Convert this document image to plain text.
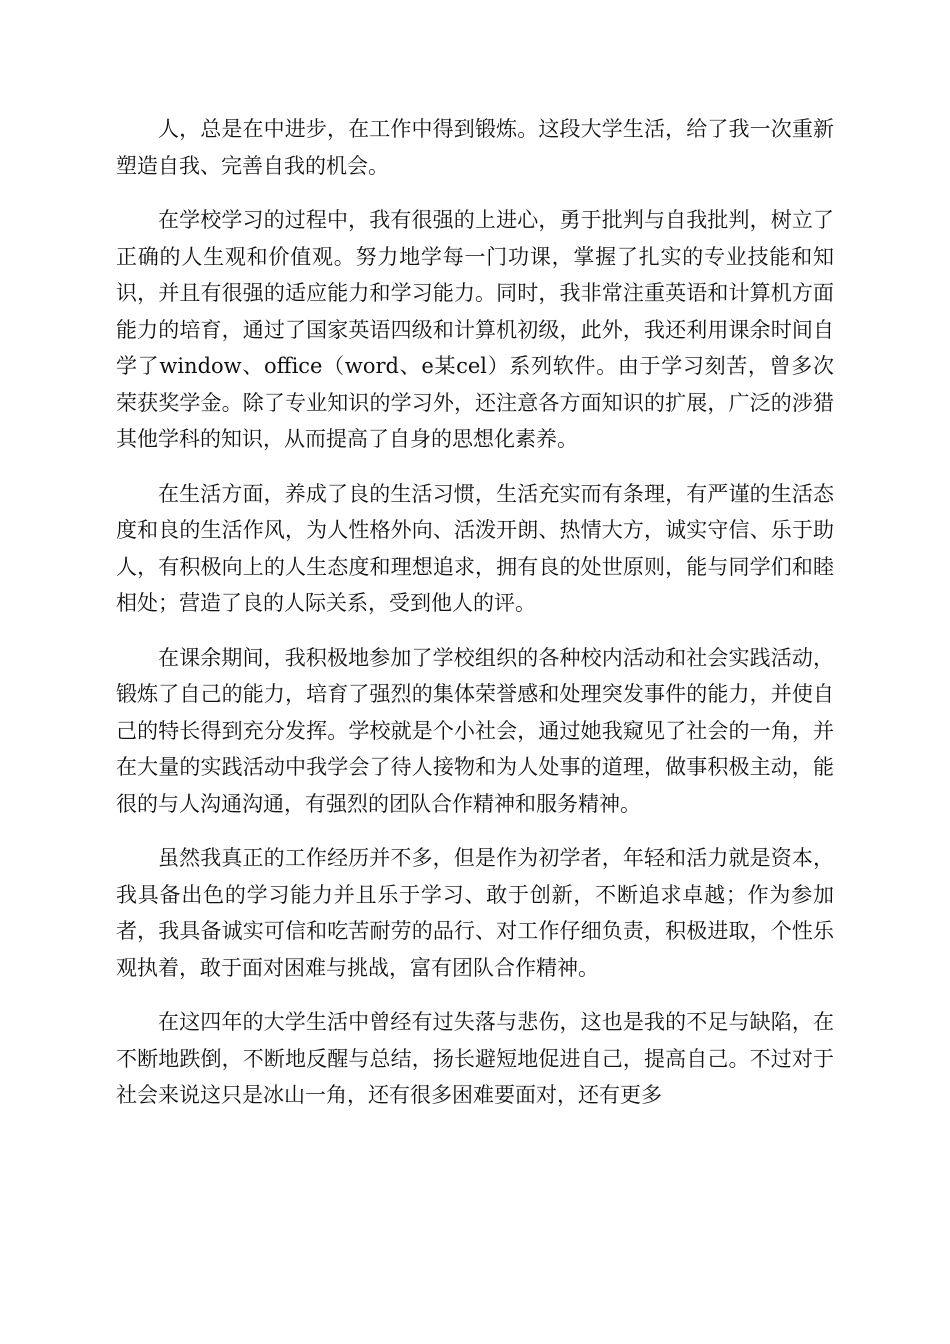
人，总是在中进步，在工作中得到锻炼。这段大学生活，给了我一次重新塑造自我、完善自我的机会。

在学校学习的过程中，我有很强的上进心，勇于批判与自我批判，树立了正确的人生观和价值观。努力地学每一门功课，掌握了扎实的专业技能和知识，并且有很强的适应能力和学习能力。同时，我非常注重英语和计算机方面能力的培育，通过了国家英语四级和计算机初级，此外，我还利用课余时间自学了window、office（word、e某cel）系列软件。由于学习刻苦，曾多次荣获奖学金。除了专业知识的学习外，还注意各方面知识的扩展，广泛的涉猎其他学科的知识，从而提高了自身的思想化素养。

在生活方面，养成了良的生活习惯，生活充实而有条理，有严谨的生活态度和良的生活作风，为人性格外向、活泼开朗、热情大方，诚实守信、乐于助人，有积极向上的人生态度和理想追求，拥有良的处世原则，能与同学们和睦相处；营造了良的人际关系，受到他人的评。

在课余期间，我积极地参加了学校组织的各种校内活动和社会实践活动，锻炼了自己的能力，培育了强烈的集体荣誉感和处理突发事件的能力，并使自己的特长得到充分发挥。学校就是个小社会，通过她我窥见了社会的一角，并在大量的实践活动中我学会了待人接物和为人处事的道理，做事积极主动，能很的与人沟通沟通，有强烈的团队合作精神和服务精神。

虽然我真正的工作经历并不多，但是作为初学者，年轻和活力就是资本，我具备出色的学习能力并且乐于学习、敢于创新，不断追求卓越；作为参加者，我具备诚实可信和吃苦耐劳的品行、对工作仔细负责，积极进取，个性乐观执着，敢于面对困难与挑战，富有团队合作精神。

在这四年的大学生活中曾经有过失落与悲伤，这也是我的不足与缺陷，在不断地跌倒，不断地反醒与总结，扬长避短地促进自己，提高自己。不过对于社会来说这只是冰山一角，还有很多困难要面对，还有更多
